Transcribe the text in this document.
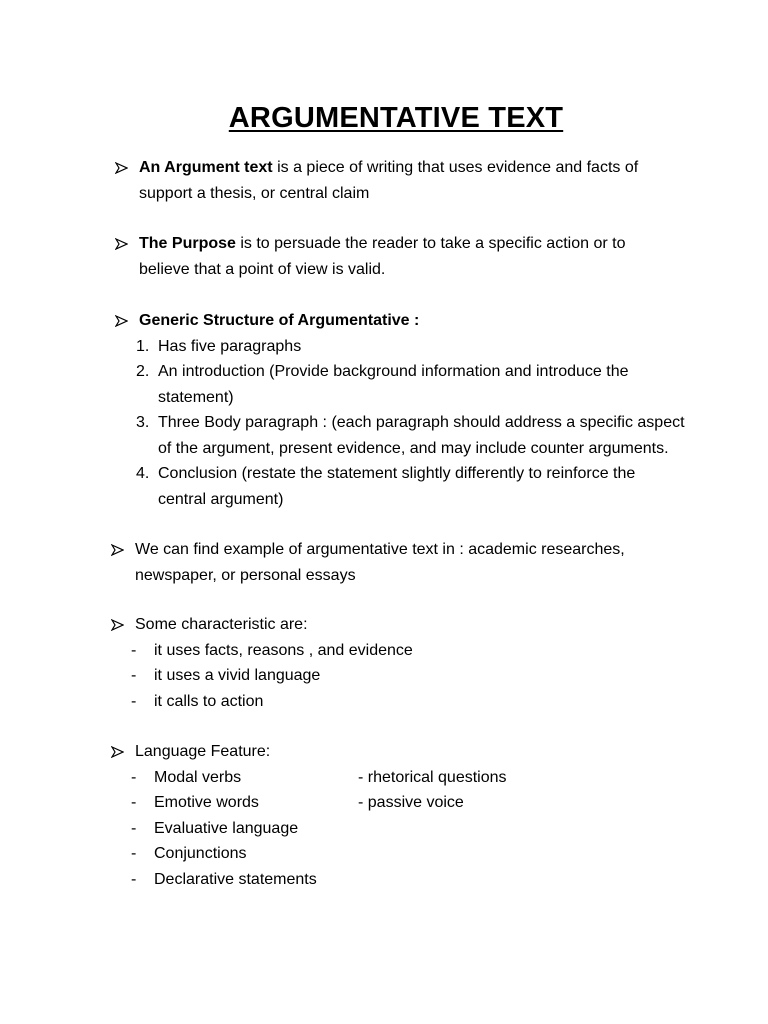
ARGUMENTATIVE TEXT
An Argument text is a piece of writing that uses evidence and facts of
support a thesis, or central claim
The Purpose is to persuade the reader to take a specific action or to
believe that a point of view is valid.
Generic Structure of Argumentative :
1. Has five paragraphs
2. An introduction (Provide background information and introduce the
statement)
3. Three Body paragraph : (each paragraph should address a specific aspect
of the argument, present evidence, and may include counter arguments.
4. Conclusion (restate the statement slightly differently to reinforce the
central argument)
We can find example of argumentative text in : academic researches,
newspaper, or personal essays
Some characteristic are:
- it uses facts, reasons , and evidence
- it uses a vivid language
- it calls to action
Language Feature:
- Modal verbs	- rhetorical questions
- Emotive words	- passive voice
- Evaluative language
- Conjunctions
- Declarative statements
